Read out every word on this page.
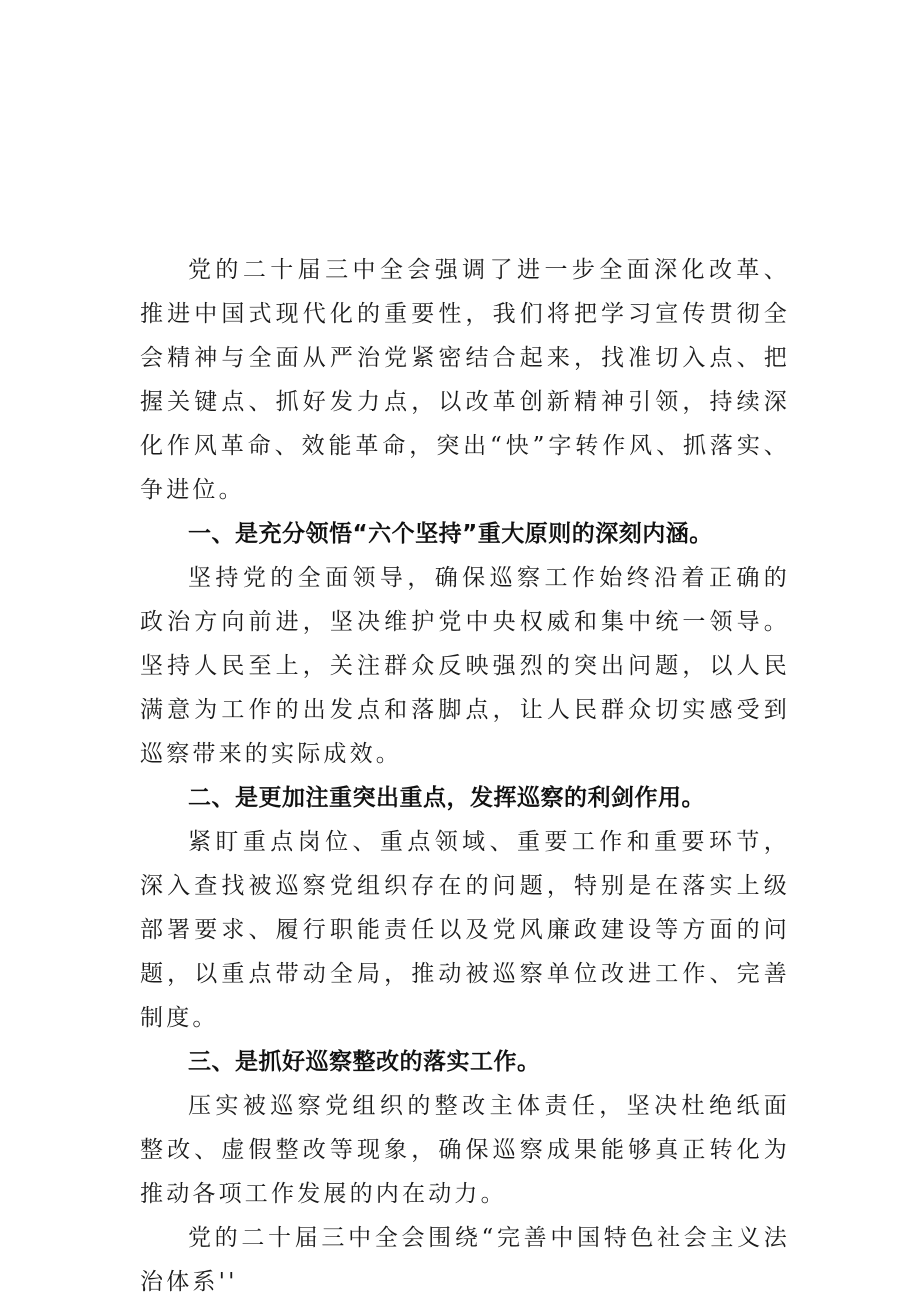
党的二十届三中全会强调了进一步全面深化改革、推进中国式现代化的重要性，我们将把学习宣传贯彻全会精神与全面从严治党紧密结合起来，找准切入点、把握关键点、抓好发力点，以改革创新精神引领，持续深化作风革命、效能革命，突出“快”字转作风、抓落实、争进位。

一、是充分领悟“六个坚持”重大原则的深刻内涵。

坚持党的全面领导，确保巡察工作始终沿着正确的政治方向前进，坚决维护党中央权威和集中统一领导。坚持人民至上，关注群众反映强烈的突出问题，以人民满意为工作的出发点和落脚点，让人民群众切实感受到巡察带来的实际成效。

二、是更加注重突出重点，发挥巡察的利剑作用。

紧盯重点岗位、重点领域、重要工作和重要环节，深入查找被巡察党组织存在的问题，特别是在落实上级部署要求、履行职能责任以及党风廉政建设等方面的问题，以重点带动全局，推动被巡察单位改进工作、完善制度。

三、是抓好巡察整改的落实工作。

压实被巡察党组织的整改主体责任，坚决杜绝纸面整改、虚假整改等现象，确保巡察成果能够真正转化为推动各项工作发展的内在动力。

党的二十届三中全会围绕“完善中国特色社会主义法治体系''
